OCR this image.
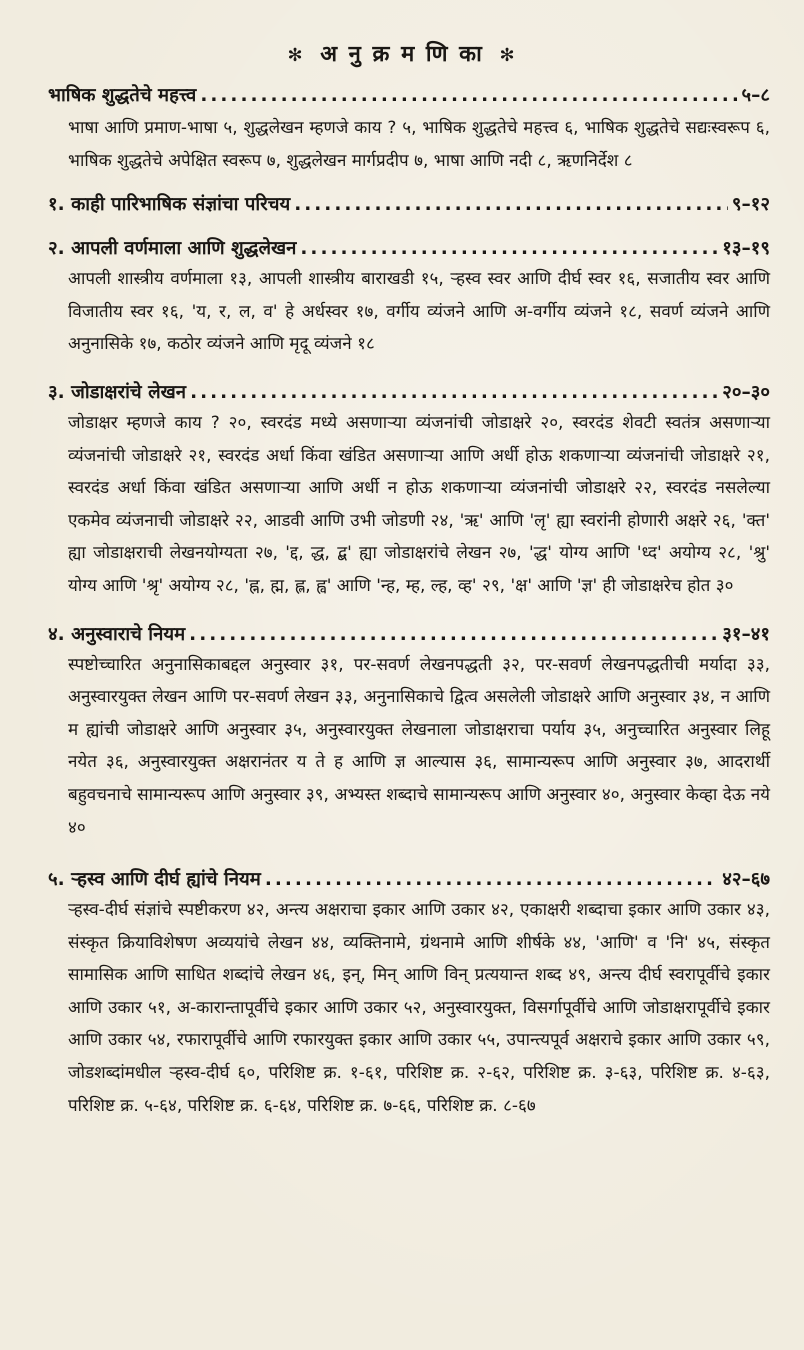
✻ अ नु क्र म णि का ✻
भाषिक शुद्धतेचे महत्त्व .....	५–८
भाषा आणि प्रमाण-भाषा ५, शुद्धलेखन म्हणजे काय ? ५, भाषिक शुद्धतेचे महत्त्व ६, भाषिक शुद्धतेचे सद्यःस्वरूप ६, भाषिक शुद्धतेचे अपेक्षित स्वरूप ७, शुद्धलेखन मार्गप्रदीप ७, भाषा आणि नदी ८, ऋणनिर्देश ८
१. काही पारिभाषिक संज्ञांचा परिचय .....	९–१२
२. आपली वर्णमाला आणि शुद्धलेखन .....	१३–१९
आपली शास्त्रीय वर्णमाला १३, आपली शास्त्रीय बाराखडी १५, ऱ्हस्व स्वर आणि दीर्घ स्वर १६, सजातीय स्वर आणि विजातीय स्वर १६, 'य, र, ल, व' हे अर्धस्वर १७, वर्गीय व्यंजने आणि अ-वर्गीय व्यंजने १८, सवर्ण व्यंजने आणि अनुनासिके १७, कठोर व्यंजने आणि मृदू व्यंजने १८
३. जोडाक्षरांचे लेखन .....	२०–३०
जोडाक्षर म्हणजे काय ? २०, स्वरदंड मध्ये असणाऱ्या व्यंजनांची जोडाक्षरे २०, स्वरदंड शेवटी स्वतंत्र असणाऱ्या व्यंजनांची जोडाक्षरे २१, स्वरदंड अर्धा किंवा खंडित असणाऱ्या आणि अर्धी होऊ शकणाऱ्या व्यंजनांची जोडाक्षरे २१, स्वरदंड अर्धा किंवा खंडित असणाऱ्या आणि अर्धी न होऊ शकणाऱ्या व्यंजनांची जोडाक्षरे २२, स्वरदंड नसलेल्या एकमेव व्यंजनाची जोडाक्षरे २२, आडवी आणि उभी जोडणी २४, 'ऋ' आणि 'लृ' ह्या स्वरांनी होणारी अक्षरे २६, 'क्त' ह्या जोडाक्षराची लेखनयोग्यता २७, 'द्द, द्ध, द्ब' ह्या जोडाक्षरांचे लेखन २७, 'द्ध' योग्य आणि 'ध्द' अयोग्य २८, 'श्रु' योग्य आणि 'श्रृ' अयोग्य २८, 'ह्न, ह्म, ह्ल, ह्व' आणि 'न्ह, म्ह, ल्ह, व्ह' २९, 'क्ष' आणि 'ज्ञ' ही जोडाक्षरेच होत ३०
४. अनुस्वाराचे नियम .....	३१–४१
स्पष्टोच्चारित अनुनासिकाबद्दल अनुस्वार ३१, पर-सवर्ण लेखनपद्धती ३२, पर-सवर्ण लेखनपद्धतीची मर्यादा ३३, अनुस्वारयुक्त लेखन आणि पर-सवर्ण लेखन ३३, अनुनासिकाचे द्वित्व असलेली जोडाक्षरे आणि अनुस्वार ३४, न आणि म ह्यांची जोडाक्षरे आणि अनुस्वार ३५, अनुस्वारयुक्त लेखनाला जोडाक्षराचा पर्याय ३५, अनुच्चारित अनुस्वार लिहू नयेत ३६, अनुस्वारयुक्त अक्षरानंतर य ते ह आणि ज्ञ आल्यास ३६, सामान्यरूप आणि अनुस्वार ३७, आदरार्थी बहुवचनाचे सामान्यरूप आणि अनुस्वार ३९, अभ्यस्त शब्दाचे सामान्यरूप आणि अनुस्वार ४०, अनुस्वार केव्हा देऊ नये ४०
५. ऱ्हस्व आणि दीर्घ ह्यांचे नियम .....	४२–६७
ऱ्हस्व-दीर्घ संज्ञांचे स्पष्टीकरण ४२, अन्त्य अक्षराचा इकार आणि उकार ४२, एकाक्षरी शब्दाचा इकार आणि उकार ४३, संस्कृत क्रियाविशेषण अव्ययांचे लेखन ४४, व्यक्तिनामे, ग्रंथनामे आणि शीर्षके ४४, 'आणि' व 'नि' ४५, संस्कृत सामासिक आणि साधित शब्दांचे लेखन ४६, इन्, मिन् आणि विन् प्रत्ययान्त शब्द ४९, अन्त्य दीर्घ स्वरापूर्वीचे इकार आणि उकार ५१, अ-कारान्तापूर्वीचे इकार आणि उकार ५२, अनुस्वारयुक्त, विसर्गापूर्वीचे आणि जोडाक्षरापूर्वीचे इकार आणि उकार ५४, रफारापूर्वीचे आणि रफारयुक्त इकार आणि उकार ५५, उपान्त्यपूर्व अक्षराचे इकार आणि उकार ५९, जोडशब्दांमधील ऱ्हस्व-दीर्घ ६०, परिशिष्ट क्र. १-६१, परिशिष्ट क्र. २-६२, परिशिष्ट क्र. ३-६३, परिशिष्ट क्र. ४-६३, परिशिष्ट क्र. ५-६४, परिशिष्ट क्र. ६-६४, परिशिष्ट क्र. ७-६६, परिशिष्ट क्र. ८-६७
